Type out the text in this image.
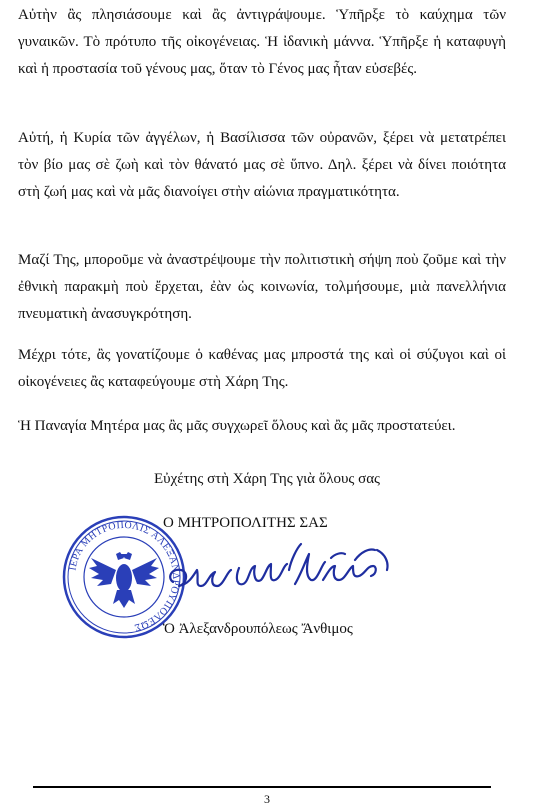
Αὐτὴν ἂς πλησιάσουμε καὶ ἂς ἀντιγράψουμε. Ὑπῆρξε τὸ καύχημα τῶν γυναικῶν. Τὸ πρότυπο τῆς οἰκογένειας. Ἡ ἰδανικὴ μάννα. Ὑπῆρξε ἡ καταφυγὴ καὶ ἡ προστασία τοῦ γένους μας, ὅταν τὸ Γένος μας ἦταν εὐσεβές.

Αὐτή, ἡ Κυρία τῶν ἀγγέλων, ἡ Βασίλισσα τῶν οὐρανῶν, ξέρει νὰ μετατρέπει τὸν βίο μας σὲ ζωὴ καὶ τὸν θάνατό μας σὲ ὕπνο. Δηλ. ξέρει νὰ δίνει ποιότητα στὴ ζωή μας καὶ νὰ μᾶς διανοίγει στὴν αἰώνια πραγματικότητα.

Μαζί Της, μποροῦμε νὰ ἀναστρέψουμε τὴν πολιτιστικὴ σήψη ποὺ ζοῦμε καὶ τὴν ἐθνικὴ παρακμὴ ποὺ ἔρχεται, ἐὰν ὡς κοινωνία, τολμήσουμε, μιὰ πανελλήνια πνευματικὴ ἀνασυγκρότηση.

Μέχρι τότε, ἂς γονατίζουμε ὁ καθένας μας μπροστά της καὶ οἱ σύζυγοι καὶ οἱ οἰκογένειες ἂς καταφεύγουμε στὴ Χάρη Της.

Ἡ Παναγία Μητέρα μας ἂς μᾶς συγχωρεῖ ὅλους καὶ ἂς μᾶς προστατεύει.

Εὐχέτης στὴ Χάρη Της γιὰ ὅλους σας

Ο ΜΗΤΡΟΠΟΛΙΤΗΣ ΣΑΣ
ΙΕΡΑ ΜΗΤΡΟΠΟΛΙΣ ΑΛΕΞΑΝΔΡΟΥΠΟΛΕΩΣ	Ὁ Ἀλεξανδρουπόλεως Ἄνθιμος
3
